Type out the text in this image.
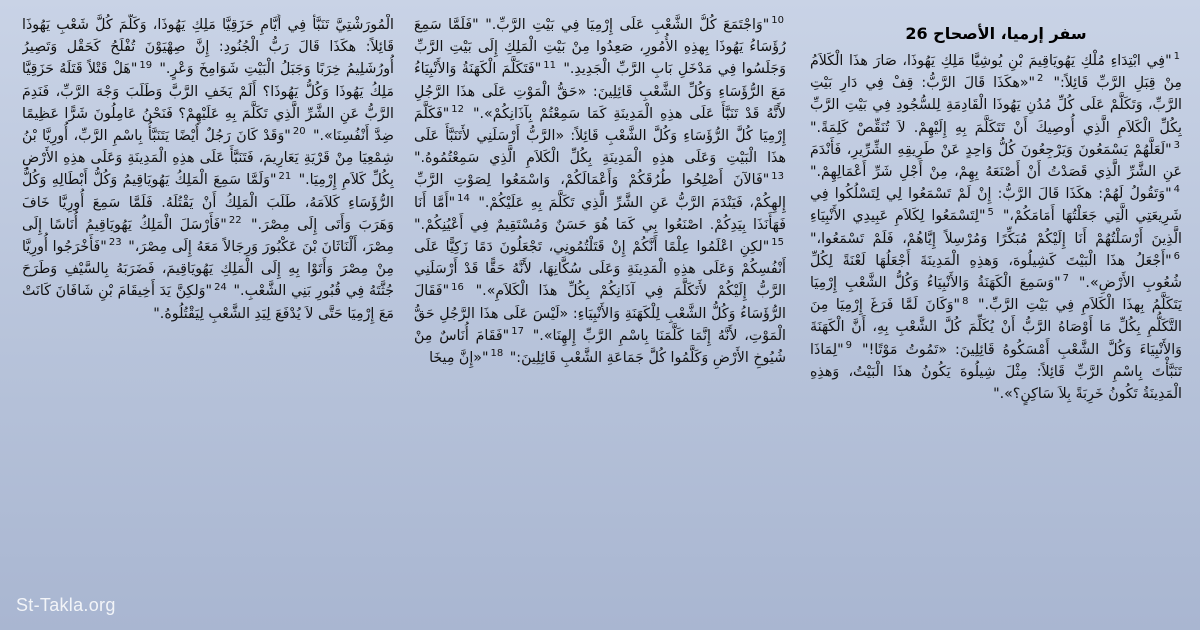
سفر إرميا، الأصحاح 26
$^1$"فِي ابْتِدَاءِ مُلْكِ يَهُويَاقِيمَ بْنِ يُوشِيَّا مَلِكِ يَهُوذَا، صَارَ هذَا الْكَلاَمُ مِنْ قِبَلِ الرَّبِّ قَائِلاً:" $^2$"«هكَذَا قَالَ الرَّبُّ: قِفْ فِي دَارِ بَيْتِ الرَّبِّ، وَتَكَلَّمْ عَلَى كُلِّ مُدُنِ يَهُوذَا الْقَادِمَةِ لِلسُّجُودِ فِي بَيْتِ الرَّبِّ بِكُلِّ الْكَلاَمِ الَّذِي أُوصِيكَ أَنْ تَتَكَلَّمَ بِهِ إِلَيْهِمْ. لاَ تُنَقِّصْ كَلِمَةً." $^3$"لَعَلَّهُمْ يَسْمَعُونَ وَيَرْجِعُونَ كُلُّ وَاحِدٍ عَنْ طَرِيقِهِ الشِّرِّيرِ، فَأَنْدَمَ عَنِ الشَّرِّ الَّذِي قَصَدْتُ أَنْ أَصْنَعَهُ بِهِمْ، مِنْ أَجْلِ شَرِّ أَعْمَالِهِمْ." $^4$"وَتَقُولُ لَهُمْ: هكَذَا قَالَ الرَّبُّ: إِنْ لَمْ تَسْمَعُوا لِي لِتَسْلُكُوا فِي شَرِيعَتِي الَّتِي جَعَلْتُهَا أَمَامَكُمْ،" $^5$"لِتَسْمَعُوا لِكَلاَمِ عَبِيدِي الأَنْبِيَاءِ الَّذِينَ أَرْسَلْتُهُمْ أَنَا إِلَيْكُمْ مُبَكِّرًا وَمُرْسِلاً إِيَّاهُمْ، فَلَمْ تَسْمَعُوا،" $^6$"أَجْعَلُ هذَا الْبَيْتَ كَشِيلُوهَ، وَهذِهِ الْمَدِينَةَ أَجْعَلُهَا لَعْنَةً لِكُلِّ شُعُوبِ الأَرْضِ»." $^7$"وَسَمِعَ الْكَهَنَةُ وَالأَنْبِيَاءُ وَكُلُّ الشَّعْبِ إِرْمِيَا يَتَكَلَّمُ بِهذَا الْكَلاَمِ فِي بَيْتِ الرَّبِّ." $^8$"وَكَانَ لَمَّا فَرَغَ إِرْمِيَا مِنَ التَّكَلُّمِ بِكُلِّ مَا أَوْصَاهُ الرَّبُّ أَنْ يُكَلِّمَ كُلَّ الشَّعْبِ بِهِ، أَنَّ الْكَهَنَةَ وَالأَنْبِيَاءَ وَكُلَّ الشَّعْبِ أَمْسَكُوهُ قَائِلِينَ: «تَمُوتُ مَوْتًا!" $^9$"لِمَاذَا تَنَبَّأْتَ بِاسْمِ الرَّبِّ قَائِلاً: مِثْلَ شِيلُوهَ يَكُونُ هذَا الْبَيْتُ، وَهذِهِ الْمَدِينَةُ تَكُونُ خَرِبَةً بِلاَ سَاكِنٍ؟»."
$^{10}$"وَاجْتَمَعَ كُلُّ الشَّعْبِ عَلَى إِرْمِيَا فِي بَيْتِ الرَّبِّ." "فَلَمَّا سَمِعَ رُؤَسَاءُ يَهُوذَا بِهذِهِ الأُمُورِ، صَعِدُوا مِنْ بَيْتِ الْمَلِكِ إِلَى بَيْتِ الرَّبِّ وَجَلَسُوا فِي مَدْخَلِ بَابِ الرَّبِّ الْجَدِيدِ." $^{11}$"فَتَكَلَّمَ الْكَهَنَةُ وَالأَنْبِيَاءُ مَعَ الرُّؤَسَاءِ وَكُلِّ الشَّعْبِ قَائِلِينَ: «حَقُّ الْمَوْتِ عَلَى هذَا الرَّجُلِ لأَنَّهُ قَدْ تَنَبَّأَ عَلَى هذِهِ الْمَدِينَةِ كَمَا سَمِعْتُمْ بِآذَانِكُمْ»." $^{12}$"فَكَلَّمَ إِرْمِيَا كُلَّ الرُّؤَسَاءِ وَكُلَّ الشَّعْبِ قَائِلاً: «الرَّبُّ أَرْسَلَنِي لأَتَنَبَّأَ عَلَى هذَا الْبَيْتِ وَعَلَى هذِهِ الْمَدِينَةِ بِكُلِّ الْكَلاَمِ الَّذِي سَمِعْتُمُوهُ." $^{13}$"فَالآنَ أَصْلِحُوا طُرُقَكُمْ وَأَعْمَالَكُمْ، وَاسْمَعُوا لِصَوْتِ الرَّبِّ إِلهِكُمْ، فَيَنْدَمَ الرَّبُّ عَنِ الشَّرِّ الَّذِي تَكَلَّمَ بِهِ عَلَيْكُمْ." $^{14}$"أَمَّا أَنَا فَهَأَنَذَا بِيَدِكُمْ. اصْنَعُوا بِي كَمَا هُوَ حَسَنٌ وَمُسْتَقِيمٌ فِي أَعْيُنِكُمْ." $^{15}$"لكِنِ اعْلَمُوا عِلْمًا أَنَّكُمْ إِنْ قَتَلْتُمُونِي، تَجْعَلُونَ دَمًا زَكِيًّا عَلَى أَنْفُسِكُمْ وَعَلَى هذِهِ الْمَدِينَةِ وَعَلَى سُكَّانِهَا، لأَنَّهُ حَقًّا قَدْ أَرْسَلَنِي الرَّبُّ إِلَيْكُمْ لأَتَكَلَّمَ فِي آذَانِكُمْ بِكُلِّ هذَا الْكَلاَمِ»." $^{16}$"فَقَالَ الرُّؤَسَاءُ وَكُلُّ الشَّعْبِ لِلْكَهَنَةِ وَالأَنْبِيَاءِ: «لَيْسَ عَلَى هذَا الرَّجُلِ حَقُّ الْمَوْتِ، لأَنَّهُ إِنَّمَا كَلَّمَنَا بِاسْمِ الرَّبِّ إِلهِنَا»." $^{17}$"فَقَامَ أُنَاسٌ مِنْ شُيُوخِ الأَرْضِ وَكَلَّمُوا كُلَّ جَمَاعَةِ الشَّعْبِ قَائِلِينَ:" $^{18}$"«إِنَّ مِيخَا
الْمُورَشْتِيَّ تَنَبَّأَ فِي أَيَّامِ حَزَقِيَّا مَلِكِ يَهُوذَا، وَكَلَّمَ كُلَّ شَعْبِ يَهُوذَا قَائِلاً: هكَذَا قَالَ رَبُّ الْجُنُودِ: إِنَّ صِهْيَوْنَ تُفْلَحُ كَحَقْل وَتَصِيرُ أُورُشَلِيمُ خِرَبًا وَجَبَلُ الْبَيْتِ شَوَامِخَ وَعْرٍ." $^{19}$"هَلْ قَتْلاً قَتَلَهُ حَزَقِيَّا مَلِكُ يَهُوذَا وَكُلُّ يَهُوذَا؟ أَلَمْ يَخَفِ الرَّبَّ وَطَلَبَ وَجْهَ الرَّبِّ، فَنَدِمَ الرَّبُّ عَنِ الشَّرِّ الَّذِي تَكَلَّمَ بِهِ عَلَيْهِمْ؟ فَنَحْنُ عَامِلُونَ شَرًّا عَظِيمًا ضِدَّ أَنْفُسِنَا»." $^{20}$"وَقَدْ كَانَ رَجُلٌ أَيْضًا يَتَنَبَّأُ بِاسْمِ الرَّبِّ، أُورِيَّا بْنُ شِمْعِيَا مِنْ قَرْيَةِ يَعَارِيمَ، فَتَنَبَّأَ عَلَى هذِهِ الْمَدِينَةِ وَعَلَى هذِهِ الأَرْضِ بِكُلِّ كَلاَمِ إِرْمِيَا." $^{21}$"وَلَمَّا سَمِعَ الْمَلِكُ يَهُويَاقِيمُ وَكُلُّ أَبْطَالِهِ وَكُلُّ الرُّؤَسَاءِ كَلاَمَهُ، طَلَبَ الْمَلِكُ أَنْ يَقْتُلَهُ. فَلَمَّا سَمِعَ أُورِيَّا خَافَ وَهَرَبَ وَأَتَى إِلَى مِصْرَ." $^{22}$"فَأَرْسَلَ الْمَلِكُ يَهُويَاقِيمُ أُنَاسًا إِلَى مِصْرَ، أَلْنَاثَانَ بْنَ عَكْبُورَ وَرِجَالاً مَعَهُ إِلَى مِصْرَ،" $^{23}$"فَأَخْرَجُوا أُورِيَّا مِنْ مِصْرَ وَأَتَوْا بِهِ إِلَى الْمَلِكِ يَهُويَاقِيمَ، فَضَرَبَهُ بِالسَّيْفِ وَطَرَحَ جُثَّتَهُ فِي قُبُورِ بَنِي الشَّعْبِ." $^{24}$"وَلكِنَّ يَدَ أَخِيقَامَ بْنِ شَافَانَ كَانَتْ مَعَ إِرْمِيَا حَتَّى لاَ يُدْفَعَ لِيَدِ الشَّعْبِ لِيَقْتُلُوهُ."
St-Takla.org
